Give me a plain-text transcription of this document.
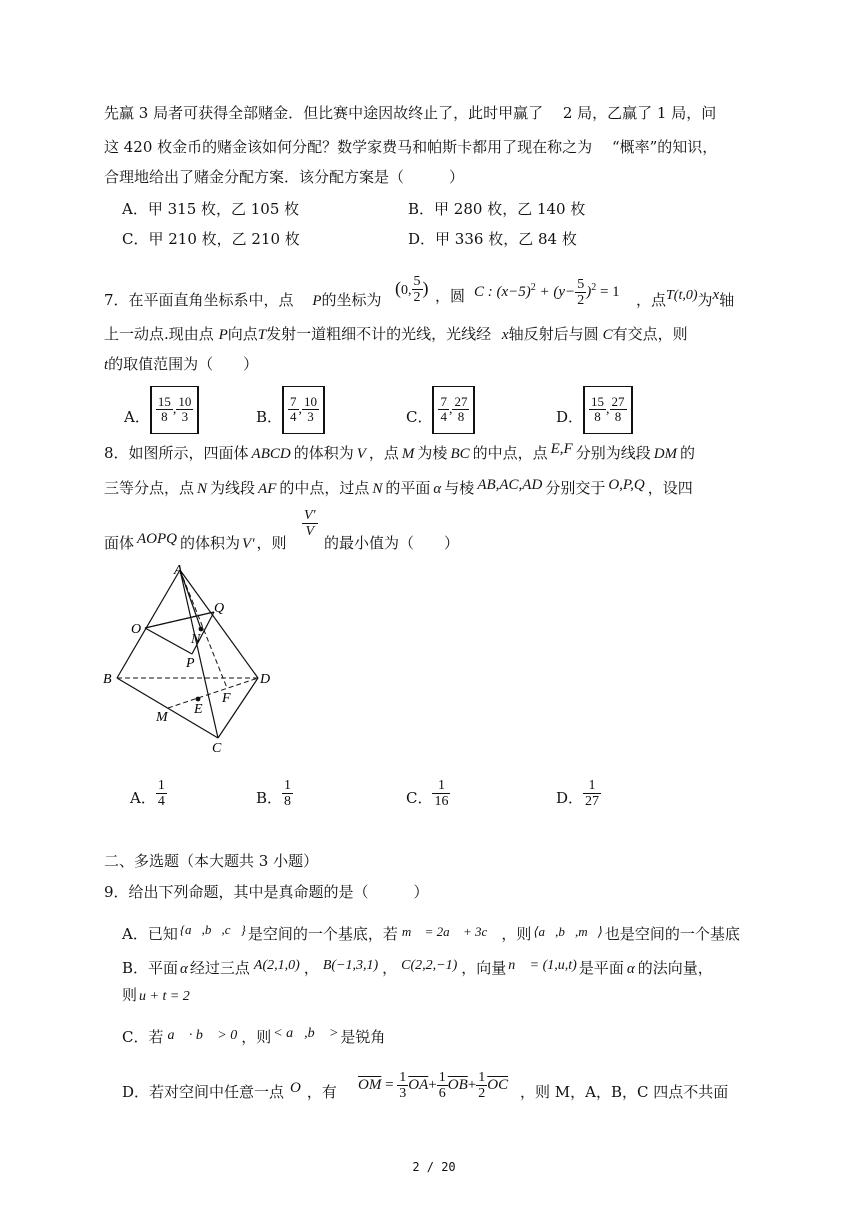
先赢 3 局者可获得全部赌金．但比赛中途因故终止了，此时甲赢了　 2 局，乙赢了 1 局，问
这 420 枚金币的赌金该如何分配？数学家费马和帕斯卡都用了现在称之为　 “概率”的知识，
合理地给出了赌金分配方案．该分配方案是（　　　）
A．甲 315 枚，乙 105 枚	B．甲 280 枚，乙 140 枚
C．甲 210 枚，乙 210 枚	D．甲 336 枚，乙 84 枚
7．在平面直角坐标系中，点 P的坐标为
(0, $\frac{5}{2}$ ) ，圆 C : $(x-5)^2 + (y- \frac{5}{2} )^2 = 1$ ，点T(t,0)为x轴
上一动点.现由点 P向点T发射一道粗细不计的光线，光线经 x轴反射后与圆 C有交点，则
t的取值范围为（　　）
A． $\frac{15}{8}$ , $\frac{10}{3}$	B． $\frac{7}{4}$ , $\frac{10}{3}$	C． $\frac{7}{4}$ , $\frac{27}{8}$	D． $\frac{15}{8}$ , $\frac{27}{8}$
8．如图所示，四面体 ABCD 的体积为 V ，点 M 为棱 BC 的中点，点 E,F 分别为线段 DM 的
三等分点，点 N 为线段 AF 的中点，过点 N 的平面 α 与棱 AB,AC,AD 分别交于 O,P,Q ，设四
面体 AOPQ 的体积为 V′ ，则
$\frac{V'}{V}$
的最小值为（　　）
A
Q
O
N
P
B	D
F
E
M
C
A． $\frac{1}{4}$	B． $\frac{1}{8}$	C． $\frac{1}{16}$	D． $\frac{1}{27}$
二、多选题（本大题共 3 小题）
9．给出下列命题，其中是真命题的是（　　　）
A．已知 {a⃗,b⃗,c⃗} 是空间的一个基底，若 m⃗ = 2a⃗ + 3c⃗ ，则 ⟨a⃗,b⃗,m⃗⟩ 也是空间的一个基底
B．平面 α 经过三点 A(2,1,0) ， B(−1,3,1) ， C(2,2,−1) ，向量 n⃗ = (1,u,t) 是平面 α 的法向量，
则 u + t = 2
C．若 a⃗ · b⃗ > 0 ，则 < a⃗,b⃗ > 是锐角
D．若对空间中任意一点 O ，有 $\overline{OM} = \frac{1}{3} \overline{OA}+ \frac{1}{6} \overline{OB}+ \frac{1}{2} \overline{OC}$ ，则 M，A，B，C 四点不共面
2 / 20
